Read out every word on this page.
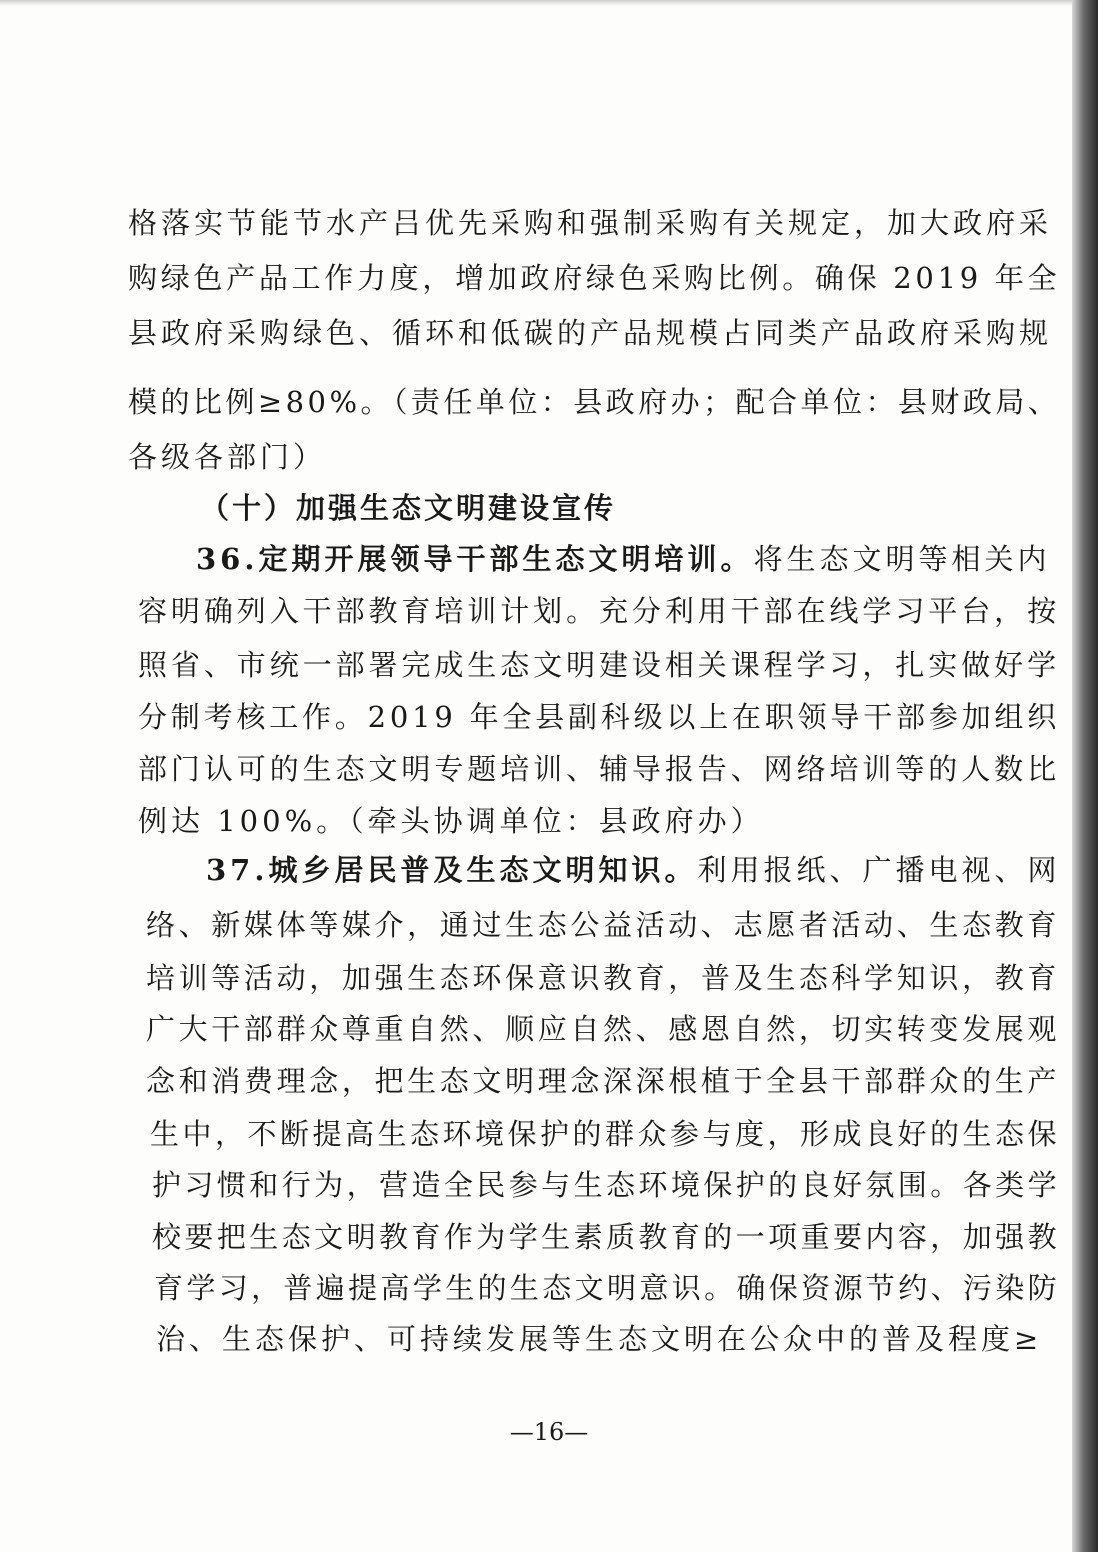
格落实节能节水产吕优先采购和强制采购有关规定，加大政府采
购绿色产品工作力度，增加政府绿色采购比例。确保 2019 年全
县政府采购绿色、循环和低碳的产品规模占同类产品政府采购规
模的比例≥80%。（责任单位：县政府办；配合单位：县财政局、
各级各部门）
（十）加强生态文明建设宣传
36.定期开展领导干部生态文明培训。将生态文明等相关内
容明确列入干部教育培训计划。充分利用干部在线学习平台，按
照省、市统一部署完成生态文明建设相关课程学习，扎实做好学
分制考核工作。2019 年全县副科级以上在职领导干部参加组织
部门认可的生态文明专题培训、辅导报告、网络培训等的人数比
例达 100%。（牵头协调单位：县政府办）
37.城乡居民普及生态文明知识。利用报纸、广播电视、网
络、新媒体等媒介，通过生态公益活动、志愿者活动、生态教育
培训等活动，加强生态环保意识教育，普及生态科学知识，教育
广大干部群众尊重自然、顺应自然、感恩自然，切实转变发展观
念和消费理念，把生态文明理念深深根植于全县干部群众的生产
生中，不断提高生态环境保护的群众参与度，形成良好的生态保
护习惯和行为，营造全民参与生态环境保护的良好氛围。各类学
校要把生态文明教育作为学生素质教育的一项重要内容，加强教
育学习，普遍提高学生的生态文明意识。确保资源节约、污染防
治、生态保护、可持续发展等生态文明在公众中的普及程度≥
—16—
